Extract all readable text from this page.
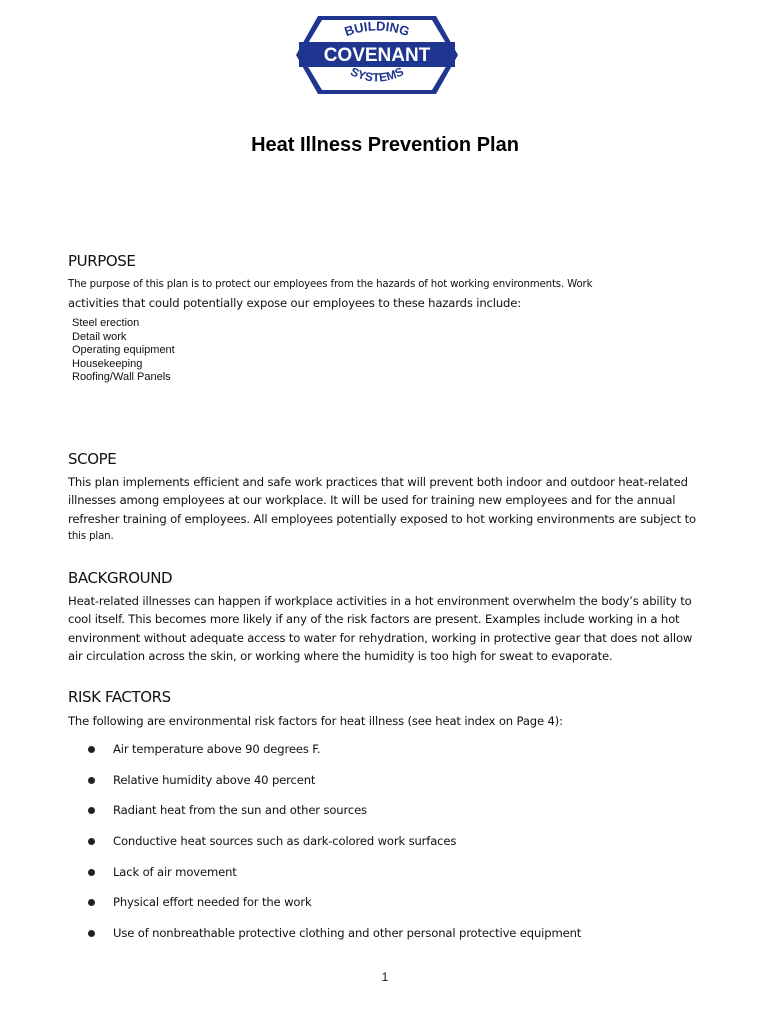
BUILDING
COVENANT
SYSTEMS
Heat Illness Prevention Plan
PURPOSE
The purpose of this plan is to protect our employees from the hazards of hot working environments. Work
activities that could potentially expose our employees to these hazards include:
Steel erection
Detail work
Operating equipment
Housekeeping
Roofing/Wall Panels
SCOPE
This plan implements efficient and safe work practices that will prevent both indoor and outdoor heat-related
illnesses among employees at our workplace. It will be used for training new employees and for the annual
refresher training of employees. All employees potentially exposed to hot working environments are subject to
this plan.
BACKGROUND
Heat-related illnesses can happen if workplace activities in a hot environment overwhelm the body’s ability to
cool itself. This becomes more likely if any of the risk factors are present. Examples include working in a hot
environment without adequate access to water for rehydration, working in protective gear that does not allow
air circulation across the skin, or working where the humidity is too high for sweat to evaporate.
RISK FACTORS
The following are environmental risk factors for heat illness (see heat index on Page 4):
Air temperature above 90 degrees F.
Relative humidity above 40 percent
Radiant heat from the sun and other sources
Conductive heat sources such as dark-colored work surfaces
Lack of air movement
Physical effort needed for the work
Use of nonbreathable protective clothing and other personal protective equipment
1
